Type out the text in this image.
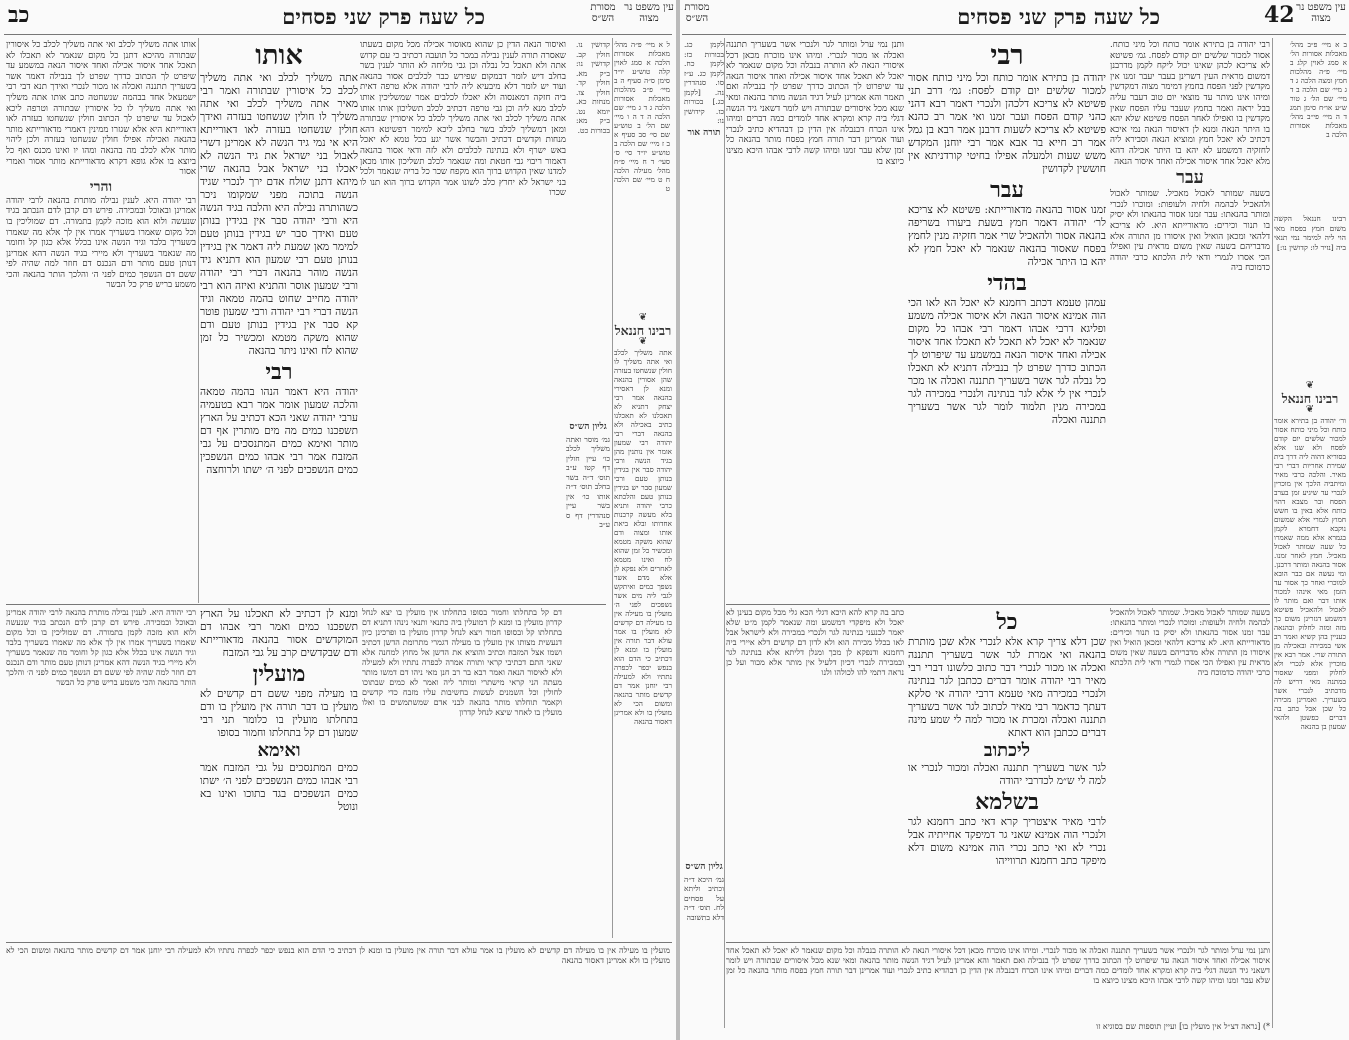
כל שעה פרק שני פסחים
כב	עין משפט נר מצוה
מסורת הש״ס
ל א מיי׳ פ״ה מהל׳ מאכלות אסורות הלכה א סמג לאוין קלה טוש״ע יו״ד סימן ס״ה סעיף ה ב מיי׳ פ״ב מהלכות מאכלות אסורות הלכה ג ד ג מיי׳ שם הלכה ה ד ה ו מיי׳ שם הל׳ ב טוש״ע שם סי׳ סב סעיף א ב ז מיי׳ שם הלכה ב טוש״ע יו״ד סי׳ ס׳ סעי׳ ד ח מיי׳ פ״ח מהל׳ מעילה הלכה ח ט מיי׳ שם הלכה ט
❦
רבינו חננאל
❦
אתה משליך לכלב ואי אתה משליך לו חולין שנשחטו בעזרה שהן אסורין בהנאה ומנא לן דאסירי בהנאה אמר רבי יצחק דתניא לא תאכלנו לא תאכלנו כתיב באכילה ולא בהנאה דברי רבי יהודה רבי שמעון אומר אין נותנין מהן בגיד הנשה ורבי יהודה סבר אין בגידין בנותן טעם ורבי שמעון סבר יש בגידין בנותן טעם והלכתא כרבי יהודה ותניא בלא מעשה קרבנות אחדותו ובלא ביאת אותו ומצוה ודם שהוא משקה מטמא ומכשיר כל זמן שהוא לח ואינו מטמא לאחרים ולא נפקא לן אלא מדם אשר נשפך כמים ואיתקש לגבי ליה מים אשר נשפכים לפני ה׳ מועלין בו מעילה אין בו מעילה דם קדשים לא מועלין בו אמר עולא דבר תורה אין מועלין בו ומנא לן דכתיב כי הדם הוא בנפש יכפר לכפרה נתתיו ולא למעילה רבי יוחנן אמר דם קדשים מותר בהנאה ומשום הכי לא מועלין בו ולא אמרינן דאסור בהנאה
קדושין נו. חולין קב. קדושין נו: ב״ק מא. חולין קד. חולין צו. מנחות כא. יומא נט. ב״ק מא: בכורות כט.
גליון הש״ס
גמ׳ מוסר ואתה משליך לכלב כו׳ עיין חולין דף קטו ע״ב תוס׳ ד״ה בשר בחלב תוס׳ ד״ה אותו כו׳ אין בשר עיין סנהדרין דף ס ע״ב
ואיסור הנאה הדין כן שהוא מאוסור אכילה מכל מקום בשעתו שאסרה תורה לענין נבילה במכר כל תועבה דכתיב כי עם קדוש אתה ולא תאכל כל נבלה וכן גבי מליחה לא הותר לענין בשר בחלב דיש לומר דבמקום שפירש כבר לכלבים אסור בהנאה ועוד יש לומר דלא מיבעיא ליה לרבי יהודה אלא טרפה דאית ביה חזקה דמאנסוה ולא יאכלו לכלבים אמר שמשליכין אותו לכלב מנא ליה וכן גבי טרפה דכתיב לכלב תשליכון אותו אותו אתה משליך לכלב ואי אתה משליך לכלב כל איסורין שבתורה ומאן דמשליך לכלב בשר בחלב ליכא למימר דפשיטא דהא מנחות וקדשים דכתיב והבשר אשר יגע בכל טמא לא יאכל באש ישרף ולא בנתינה לכלבים ולא לזה ודאי אסור בהנאה דאמור ריבוי גבי חטאת ומה שנאמר לכלב תשליכון אותו מכאן למדנו שאין הקדוש ברוך הוא מקפח שכר כל בריה שנאמר ולכל בני ישראל לא יחרץ כלב לשונו אמר הקדוש ברוך הוא תנו לו שכרו
אותו
אתה משליך לכלב ואי אתה משליך לכלב כל איסורין שבתורה ואמר רבי מאיר אתה משליך לכלב ואי אתה משליך לו חולין שנשחטו בעזרה ואידך חולין שנשחטו בעזרה לאו דאורייתא היא אי נמי גיד הנשה לא אמרינן דשרי לאבול בני ישראל את גיד הנשה לא יאכלו בני ישראל אבל בהנאה שרי מיהא דתנן שולח אדם ירך לנכרי שגיד הנשה בתוכה מפני שמקומו ניכר כשהותרה נבילה היא והלבה בגיד הנשה היא ורבי יהודה סבר אין בגידין בנותן טעם ואידך סבר יש בגידין בנותן טעם למימר מאן שמעת ליה דאמר אין בגידין בנותן טעם רבי שמעון הוא דתניא גיד הנשה מוהר בהנאה דברי רבי יהודה ורבי שמעון אוסר והתניא ואיזה הוא רבי יהודה מחייב שחוט בהמה טמאה וגיד הנשה דברי רבי יהודה ורבי שמעון פוטר קא סבר אין בגידין בנותן טעם ודם שהוא משקה מטמא ומכשיר כל זמן שהוא לח ואינו ניתר בהנאה
רבי
יהודה היא דאמר הנהו בהמה טמאה והלכה שמעון אומר אמר רבא בטעמיה ערבי יהודה שאני הכא דכתיב על הארץ תשפכנו כמים מה מים מותרין אף דם מותר ואימא כמים המתנסכים על גבי המזבח אמר רבי אבהו כמים הנשפכין כמים הנשפכים לפני ה׳ ישתו ולרוחצה
אותו אתה משליך לכלב ואי אתה משליך לכלב כל איסורין שבתורה מהיכא דתנן כל מקום שנאמר לא תאכלו לא תאכל אחד איסור אכילה ואחד איסור הנאה במשמע עד שיפרט לך הכתוב כדרך שפרט לך בנבילה דאמר אשר בשעריך תתננה ואכלה או מכור לנכרי ואידך תנא דבי רבי ישמעאל אחד בבהמה שנשחטה כתב אותו אתה משליך ואי אתה משליך לו כל איסורין שבתורה וטרפה ליכא לאכול עד שיפרט לך הכתוב חולין שנשחטו בעזרה לאו דאורייתא היא אלא שגזרו ממינין דאמרי מדאורייתא מותר בהנאה ואכילה אפילו חולין שנשחטו בעזרה ולכן ליהוי מותר אלא לכלב מה בהנאה ומהו יו ואינו מכנס ואף כל ביוצא בו אלא גופא דקרא מדאורייתא מותר אסור ואמרי אסור
והרי
רבי יהודה היא. לענין נבילה מותרת בהנאה לרבי יהודה אמרינן ובאוכל ובמכירה. פירש דם קרבן לדם הנכתב בגיד שנעשה ולוא הוא מזכה לקמן בתמורה. דם שמוליכין בו וכל מקום שאמרו בשעריך אמרו אין לך אלא מה שאמרו בשעריך בלבד וגיד הנשה אינו בכלל אלא כגון קל וחומר מה שנאמר בשעריך ולא מיירי בגיד הנשה דהא אמרינן דנותן טעם מותר ודם הנכנס דם חוזר למה שהיה לפי ששם דם הנשפך כמים לפני ה׳ והלכך הותר בהנאה והכי משמע בריש פרק כל הבשר
ומנא לן דכתיב לא תאכלנו על הארץ תשפכנו כמים ואמר רבי אבהו דם המוקדשים אסור בהנאה מדאורייתא ודם שבקדשים קרב על גבי המזבח
מועלין
בו מעילה מפני ששם דם קדשים לא מועלין בו דבר תורה אין מועלין בו ודם בתחלתו מועלין בו כלומר תני רבי שמעון דם קל בתחלתו וחמור בסופו
ואימא
כמים המתנסכים על גבי המזבח אמר רבי אבהו כמים הנשפכים לפני ה׳ ישתו כמים הנשפכים בגד בתוכו ואינו בא ונוטל
דם קל בתחלתו וחמור בסופו בתחלתו אין מועלין בו יצא לנחל קדרון מועלין בו ומנא לן דמועלין ביה כתנאי ותנאי נינהו דתניא דם בתחלתו קל ובסופו חמור ויצא לנחל קדרון מועלין בו ופרכינן כיון דנעשית מצותו אין מועלין בו מעילה דגמרי מתרומת הדשן דכתיב ושמו אצל המזבח וכתיב והוציא את הדשן אל מחוץ למחנה אלא שאני התם דכתיבי קראי ותורה אמרה לכפרה נתתיו ולא למעילה ולא לאיסור הנאה ואמר רבא בר רב חנן מאי ניהו דם דמשו מותר מעתה הני קראי מישתרי ומותר ליה ואמר לא כמים שבתוכו לחולין וכל השמנים לעשות בחשיבות עליו מזבח כדי קדשים וקאמר תוחלתו מותר בהנאה לבני אדם שמשתמשים בו ואלו מועלין בו לאחר שיצא לנחל קדרון
רבי יהודה היא. לענין נבילה מותרת בהנאה לרבי יהודה אמרינן ובאוכל ובמכירה. פירש דם קרבן לדם הנכתב בגיד שנעשה ולוא הוא מזכה לקמן בתמורה. דם שמוליכין בו וכל מקום שאמרו בשעריך אמרו אין לך אלא מה שאמרו בשעריך בלבד וגיד הנשה אינו בכלל אלא כגון קל וחומר מה שנאמר בשעריך ולא מיירי בגיד הנשה דהא אמרינן דנותן טעם מותר ודם הנכנס דם חוזר למה שהיה לפי ששם דם הנשפך כמים לפני ה׳ והלכך הותר בהנאה והכי משמע בריש פרק כל הבשר
מועלין בו מעילה אין בו מעילה דם קדשים לא מועלין בו אמר עולא דבר תורה אין מועלין בו ומנא לן דכתיב כי הדם הוא בנפש יכפר לכפרה נתתיו ולא למעילה רבי יוחנן אמר דם קדשים מותר בהנאה ומשום הכי לא מועלין בו ולא אמרינן דאסור בהנאה
כל שעה פרק שני פסחים	42 עין משפט נר מצוה
מסורת הש״ס
ב א מיי׳ פ״ב מהל׳ מאכלות אסורות הל׳ א סמג לאוין קלג ב מיי׳ פ״ה מהלכות חמץ ומצה הלכה ג ד ג מיי׳ שם הלכה ב ד מיי׳ שם הל׳ ג טור ש״ע או״ח סימן תמג ד ה מיי׳ פי״ב מהל׳ מאכלות אסורות הלכה ב
❦
רבינו חננאל
❦
ור׳ יהודה בן בתירא אומר כותח וכל מיני כותח אסור למכור שלשים יום קודם לפסח ולא שנו אלא בסוריא דהוה ליה דרך בית שמירת אחריות דברי רבי מאיר. והלכה כרבי מאיר ומיתביה הלכך אין מוכרין לנכרי עד שיגיע זמן בערב הפסח ובר מצבא דהוי כותח אלא באין בו חשש חמוץ לגמרי אלא שמשום נוקבא דחמרא לקמן בגמרא אלא ממה שאמרו כל שעה שמותר לאכול מאכיל. חמץ לאחר זמנו. אסור בהנאה ומותר דרבנן. ומי נעשה אם כבר הובא למוכרי ואחר כך אסור עד הזמן מאי אינהו למכור אותו דבר ואם מותר לו לאכול ולהאכיל פשיטא דמשמע דגזרינן משום כך מזה ומזה לחלוק ובהנאה כעניין בהן קשיא ואמר רב אשי במכירה ובאכילה מן התורה שרי. אמר רבא אין מוכרין אלא לנכרי ולא לחלוק ומפני שאסור במתנה מאי דריש לה מדכתיב לנכרי אשר בשעריך. ואמרינן מכירה כל שכן אבל כתב בה דברים כפשטן ולהאי שמעון בן בהנאה
רבינו חננאל הקשה משום חמץ בפסח מאי הוי ליה למימר נמי תנאי ביה [נזיר לו: קדושין נו:]
רבי יהודה בן בתירא אומר כותח וכל מיני כותח. אסור למכור שלשים יום קודם לפסח. גמ׳ פשיטא לא צריכא לכהן שאינו יכול ליקח לקמן מדרבנן דמשום מראית העין דשרינן בעבר יעבר זמנו אין מקדשין לפני הפסח בחמץ דמימר מצוה דמקדשין ומיהו אינו מותר עד מוצאי יום טוב דעבר עליה בבל יראה ואמר בחמץ שעבר עליו הפסח שאין מקדשין בו ואפילו לאחר הפסח פשיטא שלא יהא בו היתר הנאה ומנא לן דאיסור הנאה נמי איכא דכתיב לא יאכל חמץ ומוציא הנאה וסבירא ליה לחזקיה דמשמע לא יהא בו היתר אכילה דהא מלא יאכל אחד איסור אכילה ואחד איסור הנאה
עבר
בשעה שמותר לאכול מאכיל. שמותר לאכול ולהאכיל לבהמה ולחיה ולעופות: ומוכרו לנכרי ומותר בהנאתו: עבר זמנו אסור בהנאתו ולא יסיק בו תנור וכירים: מדאורייתא היא. לא צריכא דלהאי ומכאן הואיל ואין איסורו מן התורה אלא מדבריהם בשעה שאין משום מראית עין ואפילו הכי אסרו לגמרי ודאי לית הלכתא כרבי יהודה כדמוכח ביה
רבי
יהודה בן בתירא אומר כותח וכל מיני כותח אסור למכור שלשים יום קודם לפסח: גמ׳ דרב תני פשיטא לא צריכא דלכהן ולנכרי דאמר רבא דהני כהני קודם הפסח ועבר זמנו ואי אמר רב כהנא פשיטא לא צריכא לשעות דרבנן אמר רבא בן גמל אמר רב חייא בר אבא אמר רבי יוחנן המקדש משש שעות ולמעלה אפילו בחיטי קורדניתא אין חוששין לקדושין
עבר
זמנו אסור בהנאה מדאורייתא: פשיטא לא צריכא לר׳ יהודה דאמר חמץ בשעת ביעורו בשריפה בהנאה אסור ולהאכיל שרי אמר חזקיה מנין לחמץ בפסח שאסור בהנאה שנאמר לא יאכל חמץ לא יהא בו היתר אכילה
בהדי
עמהן טעמא דכתב רחמנא לא יאכל הא לאו הכי הוה אמינא איסור הנאה ולא איסור אכילה משמע ופליגא דרבי אבהו דאמר רבי אבהו כל מקום שנאמר לא יאכל לא תאכל לא תאכלו אחד איסור אכילה ואחד איסור הנאה במשמע עד שיפרוט לך הכתוב כדרך שפרט לך בנבילה דתניא לא תאכלו כל נבלה לגר אשר בשעריך תתננה ואכלה או מכר לנכרי אין לי אלא לגר בנתינה ולנכרי במכירה לגר במכירה מנין תלמוד לומר לגר אשר בשעריך תתננה ואכלה
ותנן נמי ערל ומותר לגר ולנכרי אשר בשעריך תתננה ואכלה או מכור לנכרי. ומיהו אינו מוכרח מכאן דכל איסורי הנאה לא הותרה בנבלה וכל מקום שנאמר לא יאכל לא תאכל אחד איסור אכילה ואחד איסור הנאה עד שיפרוט לך הכתוב כדרך שפרט לך בנבילה ואם תאמר והא אמרינן לעיל דגיד הנשה מותר בהנאה ומאי שנא מכל איסורים שבתורה ויש לומר דשאני גיד הנשה דגלי ביה קרא ומקרא אחד לומדים כמה דברים ומיהו אינו הכרח דבנבלה אין הדין כן דבהדיא כתיב לנכרי ועוד אמרינן דבר תורה חמץ בפסח מותר בהנאה כל זמן שלא עבר זמנו ומיהו קשה לרבי אבהו היכא מצינו כיוצא בו
לקמן כג. בכורות כז: לקמן כח. לקמן כג. ע״ז סו. סנהדרין נה. [לקמן כג.] בכורות כז. קידושין נו:
תורה אור
גליון הש״ס
גמ׳ היכא ד״ה וכתיב וליתא על פסחים לח. תוס׳ ד״ה דלא בתשובה
כל
שכן דלא צריך קרא אלא לנכרי אלא שכן מותרת בהנאה ואי אמרת לגר אשר בשעריך תתננה ואכלה או מכור לנכרי דבר כתוב כלשונו דברי רבי מאיר רבי יהודה אומר דברים ככתבן לגר בנתינה ולנכרי במכירה מאי טעמא דרבי יהודה אי סלקא דעתך כדאמר רבי מאיר לכתוב לגר אשר בשעריך תתננה ואכלה ומכרת או מכור למה לי שמע מינה דברים ככתבן הוא דאתא
ליכתוב
לגר אשר בשעריך תתננה ואכלה ומכור לנכרי או למה לי ש״מ לכדרבי יהודה
בשלמא
לרבי מאיר איצטריך קרא דאי כתב רחמנא לגר ולנכרי הוה אמינא שאני גר דמיפקד אחייתיה אבל נכרי לא ואי כתב נכרי הוה אמינא משום דלא מיפקד כתב רחמנא תרווייהו
בשעה שמותר לאכול מאכיל. שמותר לאכול ולהאכיל לבהמה ולחיה ולעופות: ומוכרו לנכרי ומותר בהנאתו: עבר זמנו אסור בהנאתו ולא יסיק בו תנור וכירים: מדאורייתא היא. לא צריכא דלהאי ומכאן הואיל ואין איסורו מן התורה אלא מדבריהם בשעה שאין משום מראית עין ואפילו הכי אסרו לגמרי ודאי לית הלכתא כרבי יהודה כדמוכח ביה
כתב בה קרא להא היכא דגלי הכא גלי מכל מקום בעינן לא יאכל ולא מיפקדי דמשמע ומה שנאמר לקמן מ״ט שלא יאמר לכנעני בנתינה לגר ולנכרי במכירה ולא לישראל אבל לאו בכלל מכירה הוא ולא לדון דם קדשים דלא איירי ביה רחמנא ודנפקא לן מכך ומנלן דליתא אלא בנתינה לגר ובמכירה לנכרי דכיון דלעיל אין מותר אלא מכור ועל כן נראה דתמי להו לכולהו ולנו
ותנן נמי ערל ומותר לגר ולנכרי אשר בשעריך תתננה ואכלה או מכור לנכרי. ומיהו אינו מוכרח מכאן דכל איסורי הנאה לא הותרה בנבלה וכל מקום שנאמר לא יאכל לא תאכל אחד איסור אכילה ואחד איסור הנאה עד שיפרוט לך הכתוב כדרך שפרט לך בנבילה ואם תאמר והא אמרינן לעיל דגיד הנשה מותר בהנאה ומאי שנא מכל איסורים שבתורה ויש לומר דשאני גיד הנשה דגלי ביה קרא ומקרא אחד לומדים כמה דברים ומיהו אינו הכרח דבנבלה אין הדין כן דבהדיא כתיב לנכרי ועוד אמרינן דבר תורה חמץ בפסח מותר בהנאה כל זמן שלא עבר זמנו ומיהו קשה לרבי אבהו היכא מצינו כיוצא בו
*) [נראה דצ״ל אין מועלין בו] ועיין תוספות שם בסוגיא זו
